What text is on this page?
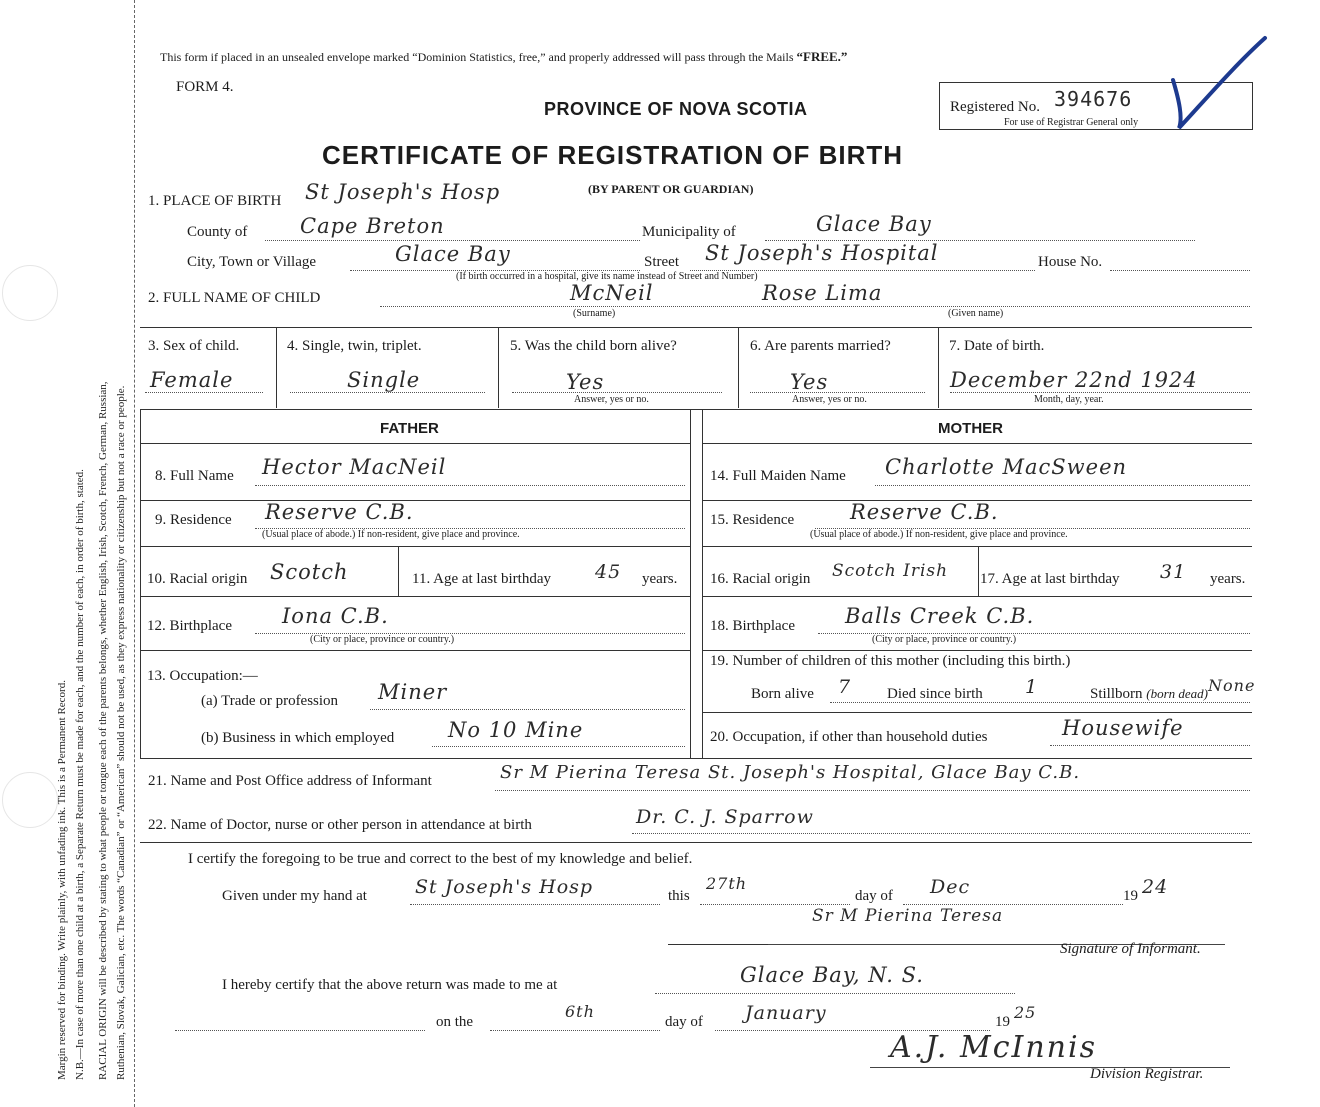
Margin reserved for binding. Write plainly, with unfading ink. This is a Permanent Record. N.B.—In case of more than one child at a birth, a Separate Return must be made for each, and the number of each, in order of birth, stated. RACIAL ORIGIN will be described by stating to what people or tongue each of the parents belongs, whether English, Irish, Scotch, French, German, Russian, Ruthenian, Slovak, Galician, etc. The words “Canadian” or “American” should not be used, as they express nationality or citizenship but not a race or people.
This form if placed in an unsealed envelope marked “Dominion Statistics, free,” and properly addressed will pass through the Mails “FREE.”
FORM 4.
PROVINCE OF NOVA SCOTIA	Registered No. 394676
For use of Registrar General only
CERTIFICATE OF REGISTRATION OF BIRTH
1. PLACE OF BIRTH St Joseph's Hosp	(BY PARENT OR GUARDIAN)
County of	Cape Breton	Municipality of	Glace Bay
City, Town or Village	Glace Bay	Street St Joseph's Hospital	House No.
(If birth occurred in a hospital, give its name instead of Street and Number)
2. FULL NAME OF CHILD	McNeil	Rose Lima
(Surname)	(Given name)
3. Sex of child.
Female
4. Single, twin, triplet.
Single
5. Was the child born alive?
Yes
Answer, yes or no.
6. Are parents married?
Yes
Answer, yes or no.
7. Date of birth.
December 22nd 1924
Month, day, year.
FATHER	MOTHER
8. Full Name Hector MacNeil
9. Residence Reserve C.B.
(Usual place of abode.) If non-resident, give place and province.
10. Racial origin Scotch	11. Age at last birthday 45 years.
12. Birthplace Iona C.B.
(City or place, province or country.)
13. Occupation:—
(a) Trade or profession Miner
(b) Business in which employed	No 10 Mine
14. Full Maiden Name Charlotte MacSween
15. Residence	Reserve C.B.
(Usual place of abode.) If non-resident, give place and province.
16. Racial origin Scotch Irish 17. Age at last birthday 31 years.
18. Birthplace Balls Creek C.B.
(City or place, province or country.)
19. Number of children of this mother (including this birth.)
Born alive 7 Died since birth 1	Stillborn (born dead) None
20. Occupation, if other than household duties	Housewife
21. Name and Post Office address of Informant	Sr M Pierina Teresa St. Joseph's Hospital, Glace Bay C.B.
22. Name of Doctor, nurse or other person in attendance at birth	Dr. C. J. Sparrow
I certify the foregoing to be true and correct to the best of my knowledge and belief.
Given under my hand at	St Joseph's Hosp	this
27th
day of Dec	19 24
Sr M Pierina Teresa
Signature of Informant.
I hereby certify that the above return was made to me at	Glace Bay, N. S.
on the
6th
day of January	19 25
A.J. McInnis
Division Registrar.
